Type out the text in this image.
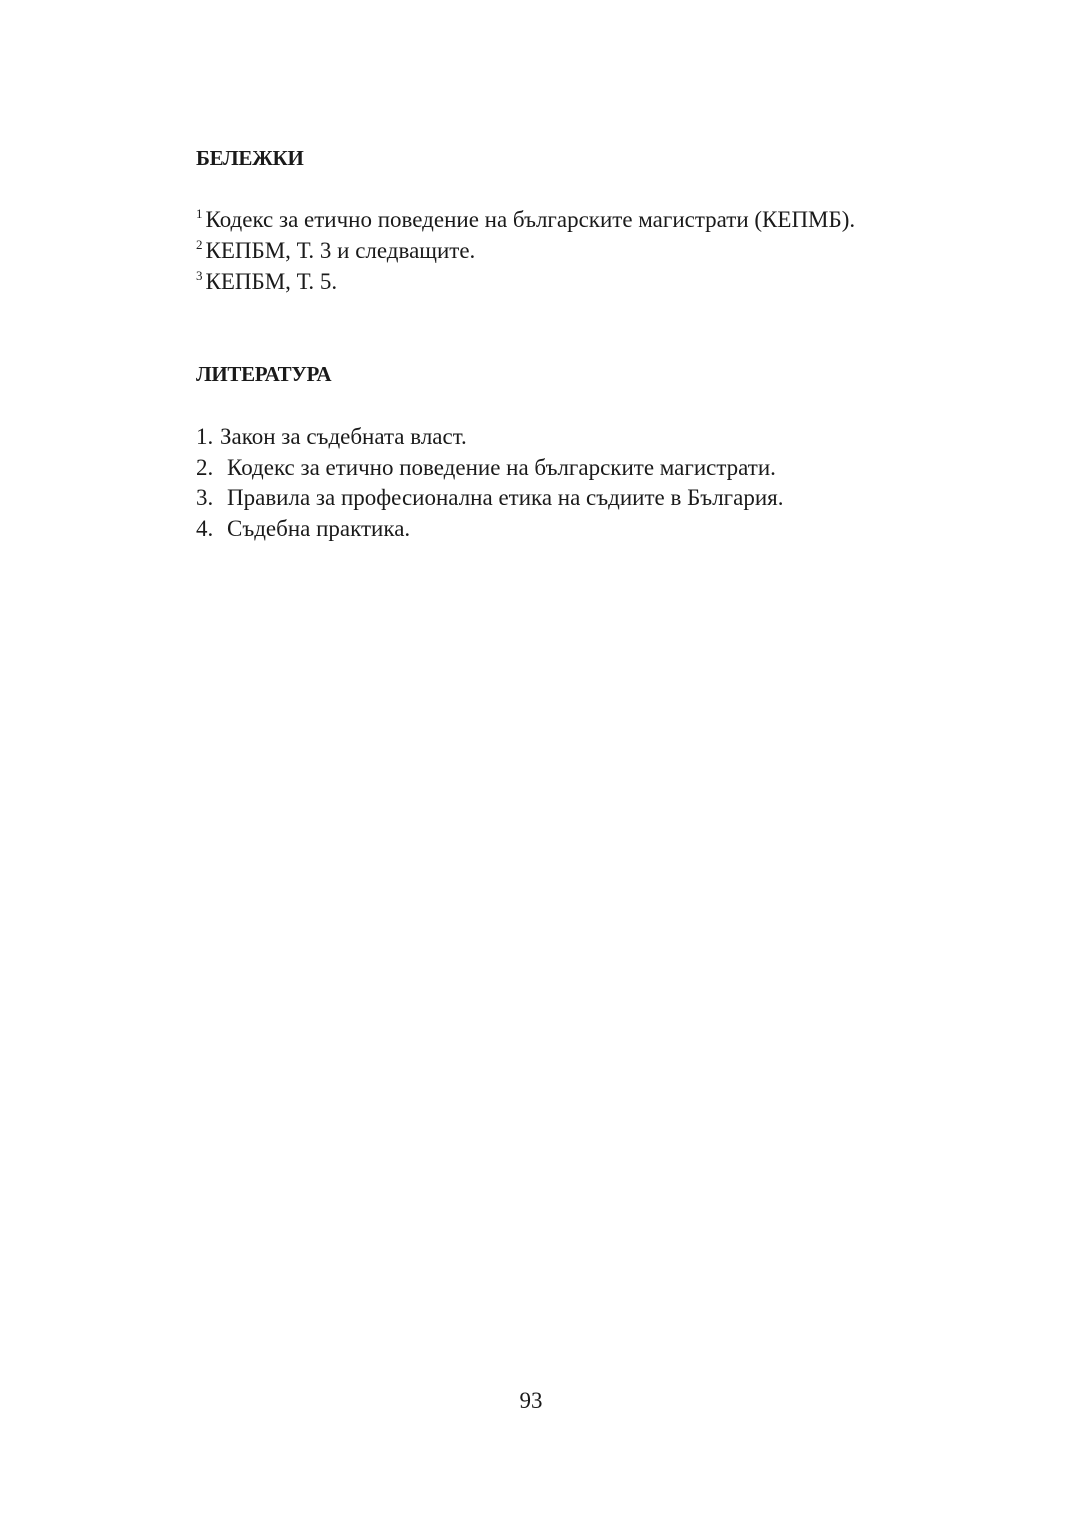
БЕЛЕЖКИ
$^1$ Кодекс за етично поведение на българските магистрати (КЕПМБ).
$^2$ КЕПБМ, Т. 3 и следващите.
$^3$ КЕПБМ, Т. 5.
ЛИТЕРАТУРА
1. Закон за съдебната власт.
2. Кодекс за етично поведение на българските магистрати.
3. Правила за професионална етика на съдиите в България.
4. Съдебна практика.
93
